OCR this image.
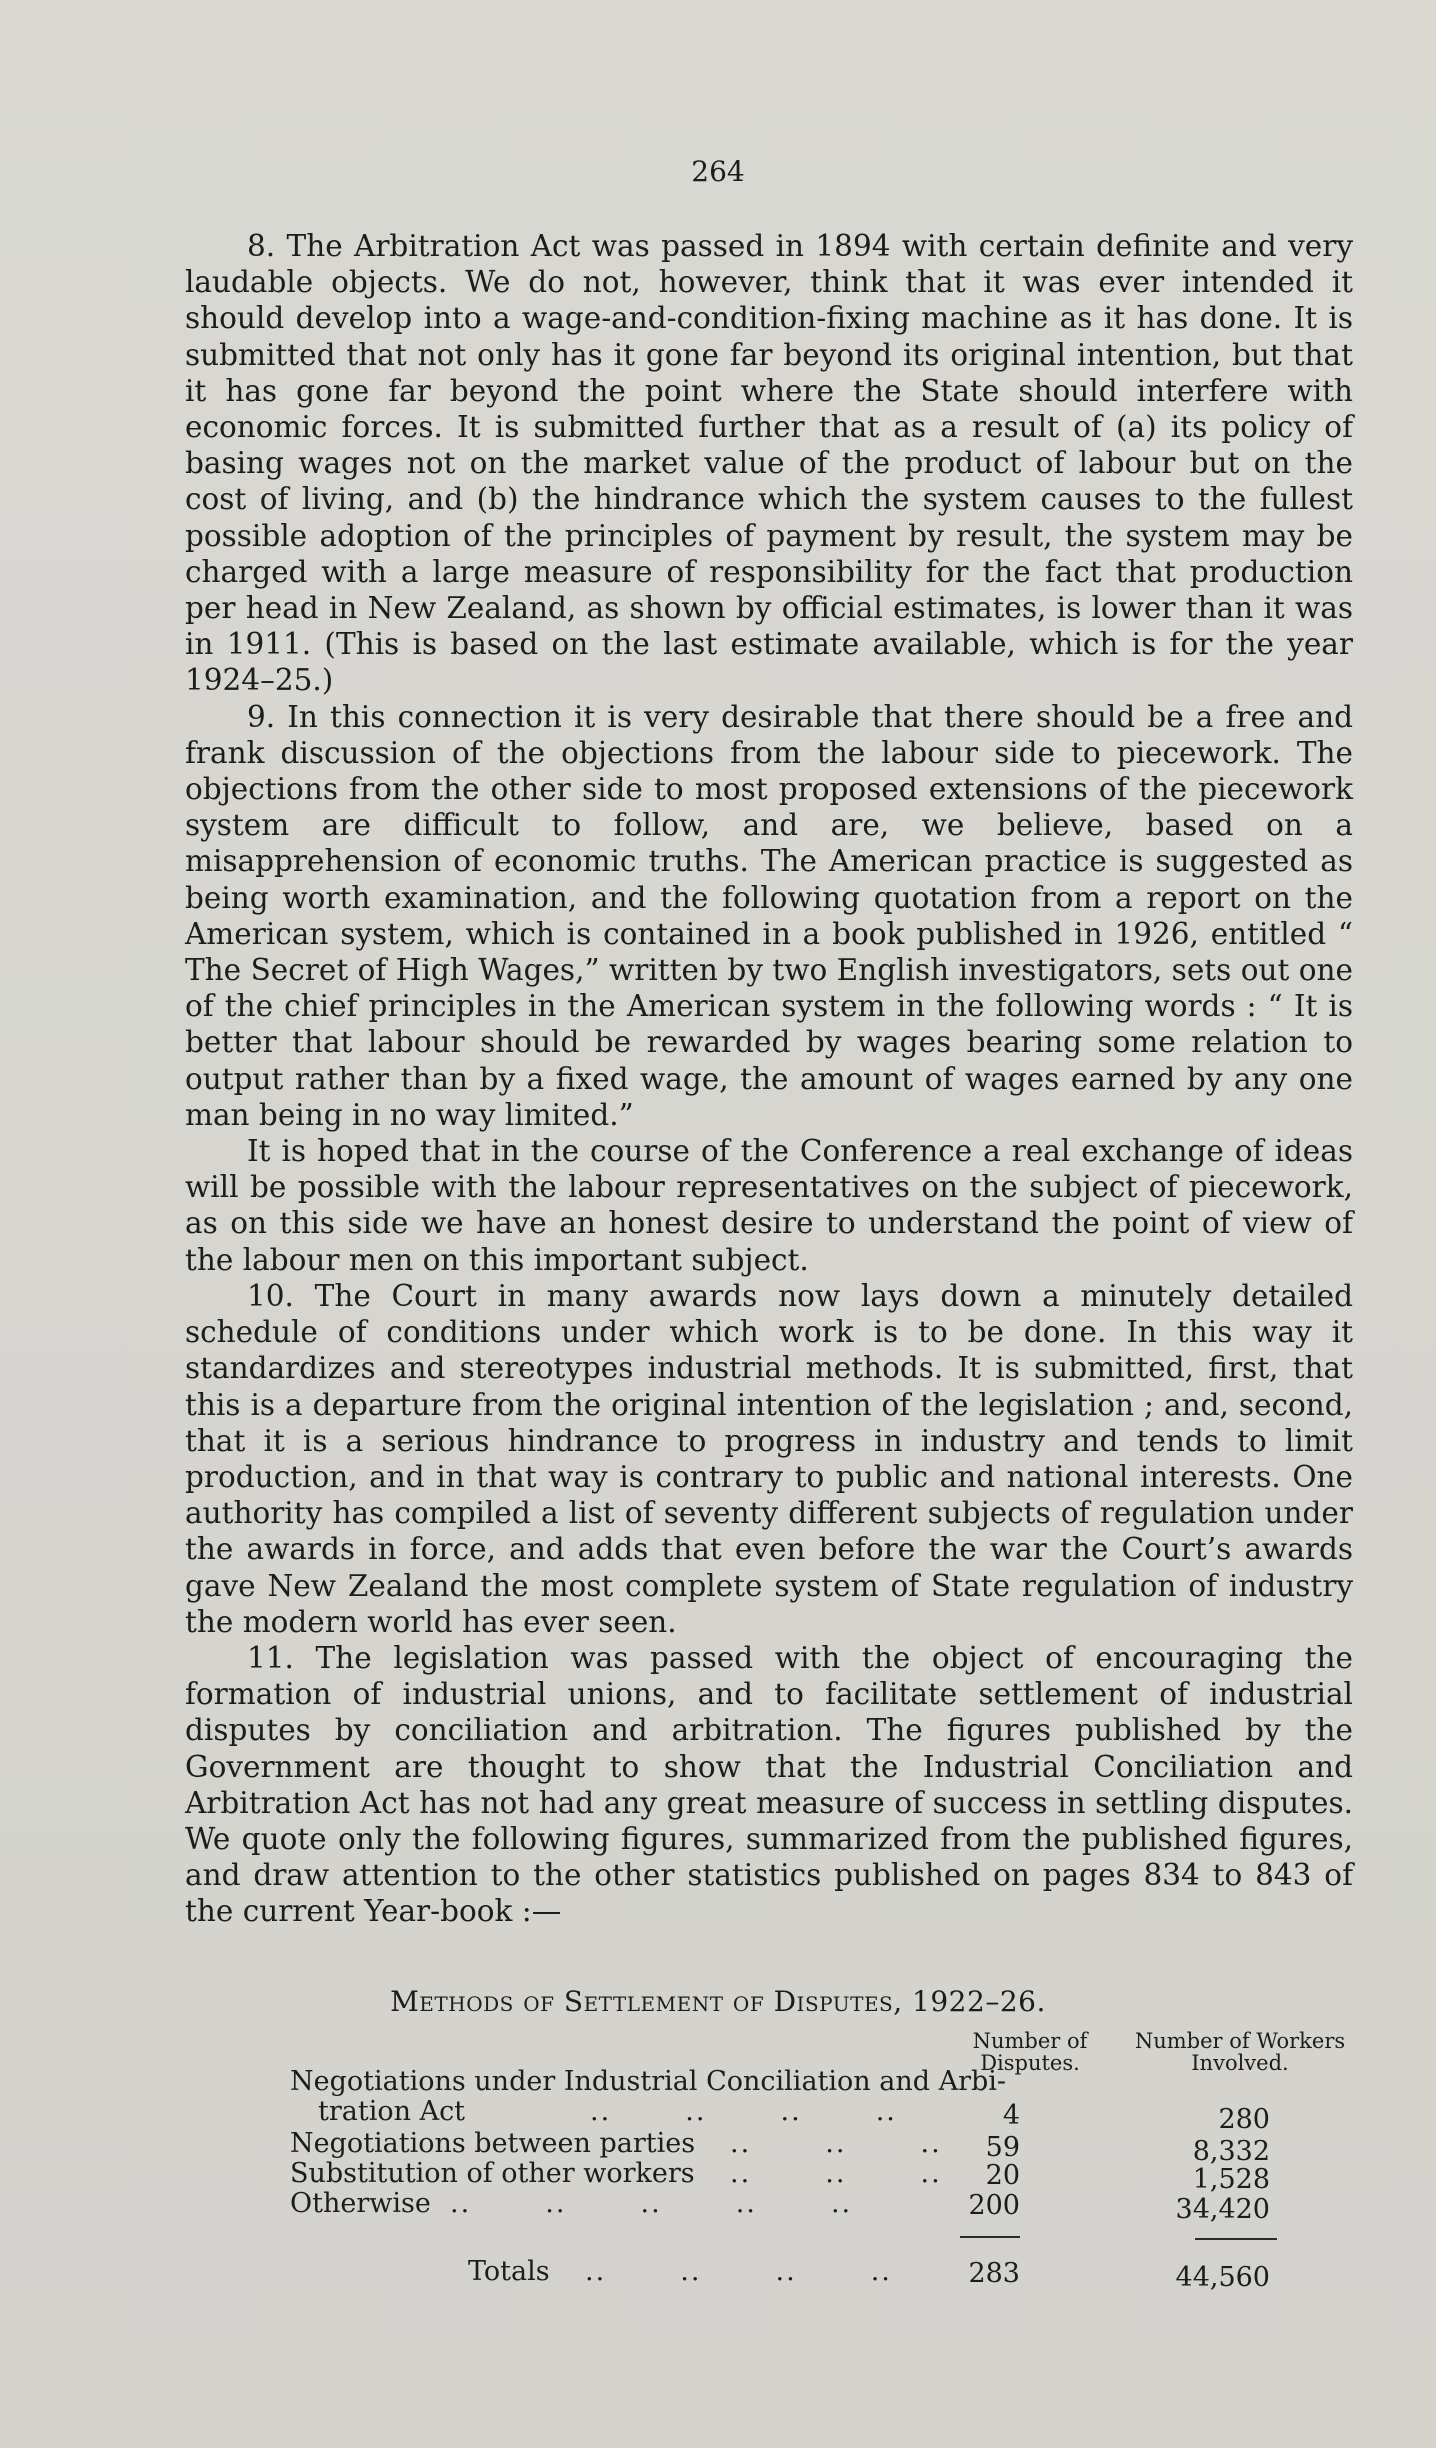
264

8. The Arbitration Act was passed in 1894 with certain definite and very laudable objects. We do not, however, think that it was ever intended it should develop into a wage-and-condition-fixing machine as it has done. It is submitted that not only has it gone far beyond its original intention, but that it has gone far beyond the point where the State should interfere with economic forces. It is submitted further that as a result of (a) its policy of basing wages not on the market value of the product of labour but on the cost of living, and (b) the hindrance which the system causes to the fullest possible adoption of the principles of payment by result, the system may be charged with a large measure of responsibility for the fact that production per head in New Zealand, as shown by official estimates, is lower than it was in 1911. (This is based on the last estimate available, which is for the year 1924–25.)

9. In this connection it is very desirable that there should be a free and frank discussion of the objections from the labour side to piecework. The objections from the other side to most proposed extensions of the piecework system are difficult to follow, and are, we believe, based on a misapprehension of economic truths. The American practice is suggested as being worth examination, and the following quotation from a report on the American system, which is contained in a book published in 1926, entitled “ The Secret of High Wages,” written by two English investigators, sets out one of the chief principles in the American system in the following words : “ It is better that labour should be rewarded by wages bearing some relation to output rather than by a fixed wage, the amount of wages earned by any one man being in no way limited.”

It is hoped that in the course of the Conference a real exchange of ideas will be possible with the labour representatives on the subject of piecework, as on this side we have an honest desire to understand the point of view of the labour men on this important subject.

10. The Court in many awards now lays down a minutely detailed schedule of conditions under which work is to be done. In this way it standardizes and stereotypes industrial methods. It is submitted, first, that this is a departure from the original intention of the legislation ; and, second, that it is a serious hindrance to progress in industry and tends to limit production, and in that way is contrary to public and national interests. One authority has compiled a list of seventy different subjects of regulation under the awards in force, and adds that even before the war the Court’s awards gave New Zealand the most complete system of State regulation of industry the modern world has ever seen.

11. The legislation was passed with the object of encouraging the formation of industrial unions, and to facilitate settlement of industrial disputes by conciliation and arbitration. The figures published by the Government are thought to show that the Industrial Conciliation and Arbitration Act has not had any great measure of success in settling disputes. We quote only the following figures, summarized from the published figures, and draw attention to the other statistics published on pages 834 to 843 of the current Year-book :—

Methods of Settlement of Disputes, 1922–26.
Number of
Disputes.
Number of Workers
Involved.
Negotiations under Industrial Conciliation and Arbi-
tration Act	..       ..       ..       ..	4	280
Negotiations between parties ..       ..       ..	59	8,332
Substitution of other workers ..       ..       ..	20	1,528
Otherwise ..       ..       ..       ..       ..	200	34,420
Totals ..       ..       ..       ..	283	44,560
